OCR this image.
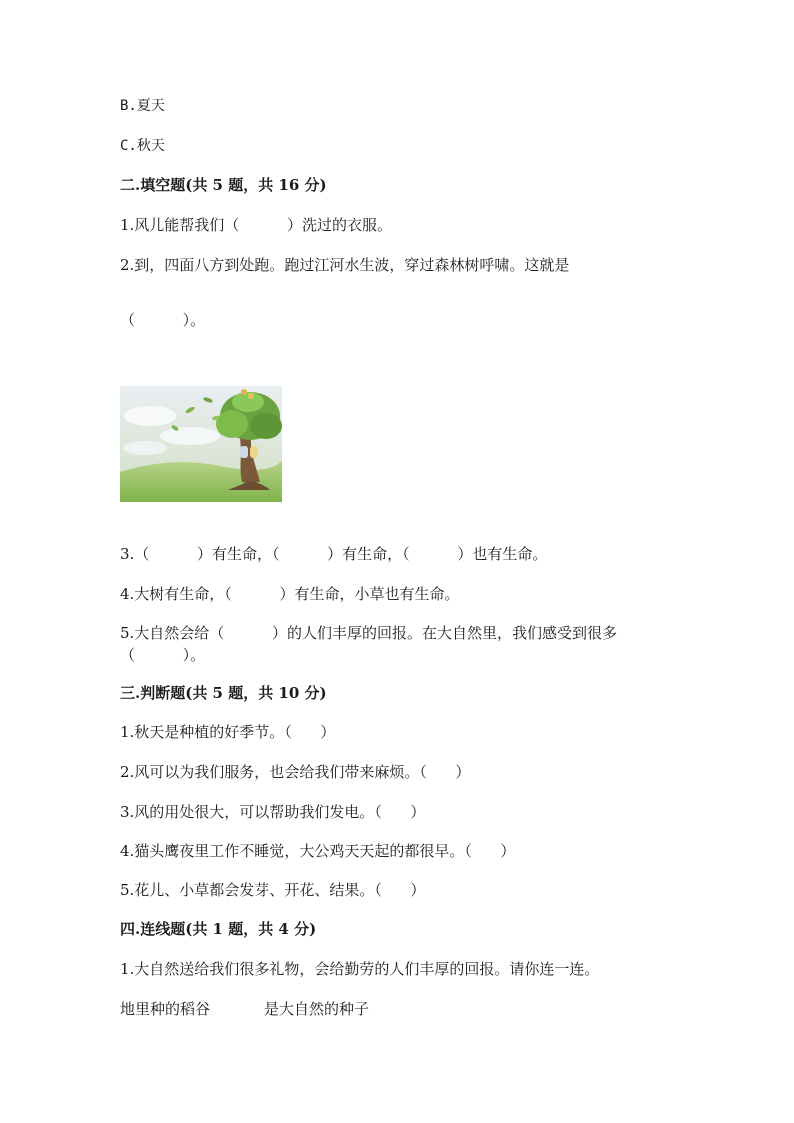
B.夏天
C.秋天
二.填空题(共 5 题，共 16 分)
1.风儿能帮我们（          ）洗过的衣服。
2.到，四面八方到处跑。跑过江河水生波，穿过森林树呼啸。这就是
（          ）。
3.（          ）有生命，（          ）有生命，（          ）也有生命。
4.大树有生命，（          ）有生命，小草也有生命。
5.大自然会给（          ）的人们丰厚的回报。在大自然里，我们感受到很多
（          ）。
三.判断题(共 5 题，共 10 分)
1.秋天是种植的好季节。（      ）
2.风可以为我们服务，也会给我们带来麻烦。（      ）
3.风的用处很大，可以帮助我们发电。（      ）
4.猫头鹰夜里工作不睡觉，大公鸡天天起的都很早。（      ）
5.花儿、小草都会发芽、开花、结果。（      ）
四.连线题(共 1 题，共 4 分)
1.大自然送给我们很多礼物，会给勤劳的人们丰厚的回报。请你连一连。
地里种的稻谷	是大自然的种子
